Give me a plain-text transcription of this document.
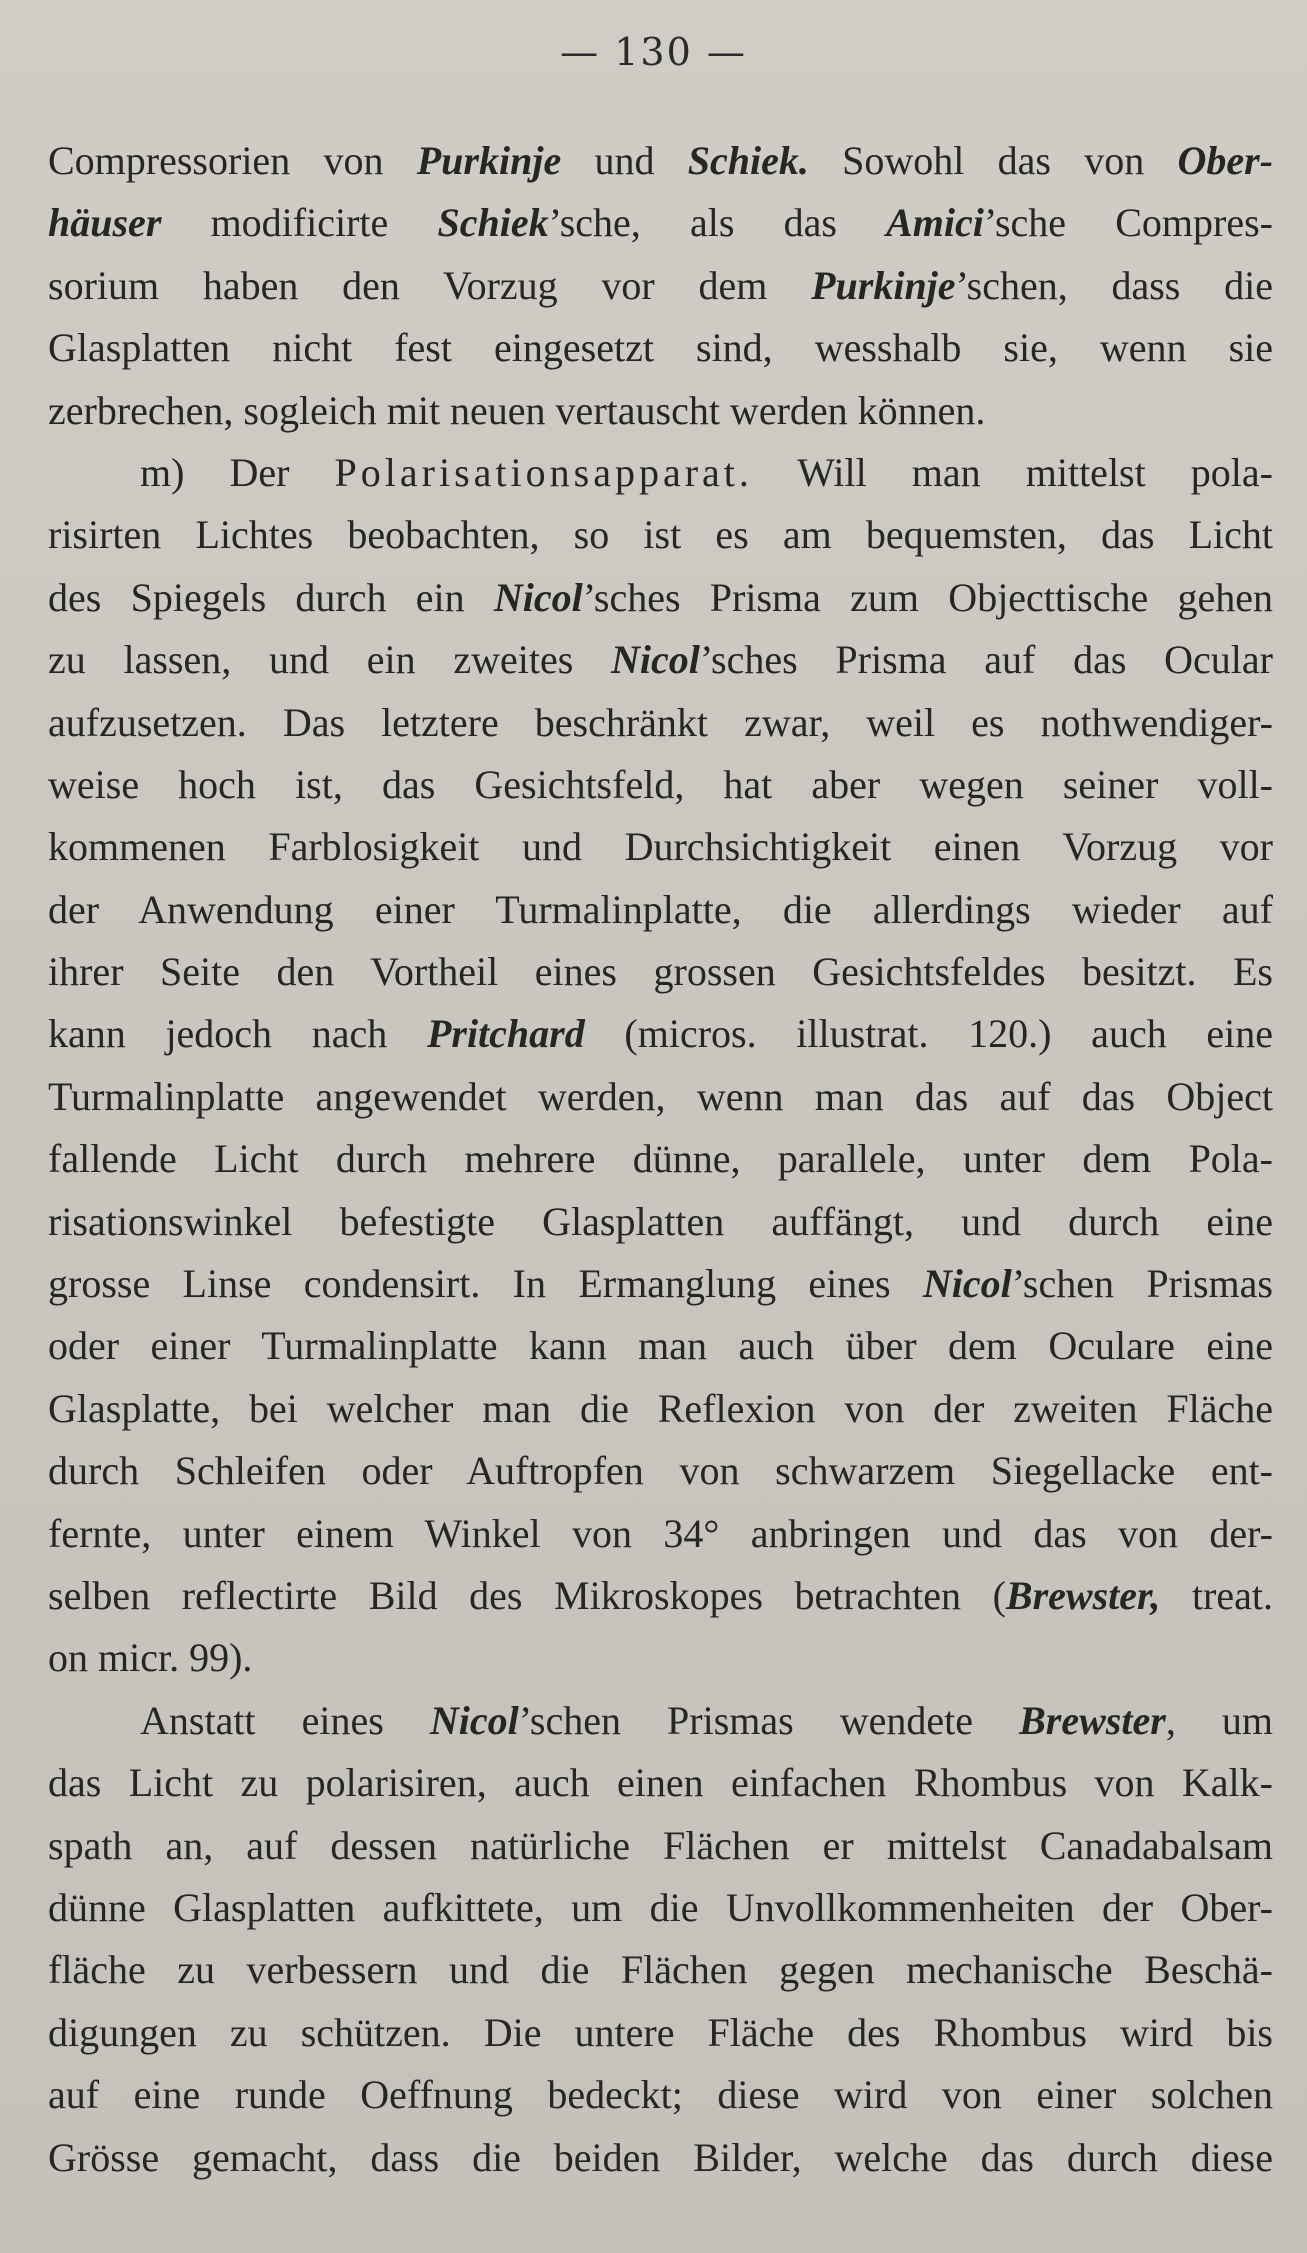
— 130 —
Compressorien von Purkinje und Schiek. Sowohl das von Ober-
häuser modificirte Schiek’sche, als das Amici’sche Compres-
sorium haben den Vorzug vor dem Purkinje’schen, dass die
Glasplatten nicht fest eingesetzt sind, wesshalb sie, wenn sie
zerbrechen, sogleich mit neuen vertauscht werden können.
m) Der Polarisationsapparat. Will man mittelst pola-
risirten Lichtes beobachten, so ist es am bequemsten, das Licht
des Spiegels durch ein Nicol’sches Prisma zum Objecttische gehen
zu lassen, und ein zweites Nicol’sches Prisma auf das Ocular
aufzusetzen. Das letztere beschränkt zwar, weil es nothwendiger-
weise hoch ist, das Gesichtsfeld, hat aber wegen seiner voll-
kommenen Farblosigkeit und Durchsichtigkeit einen Vorzug vor
der Anwendung einer Turmalinplatte, die allerdings wieder auf
ihrer Seite den Vortheil eines grossen Gesichtsfeldes besitzt. Es
kann jedoch nach Pritchard (micros. illustrat. 120.) auch eine
Turmalinplatte angewendet werden, wenn man das auf das Object
fallende Licht durch mehrere dünne, parallele, unter dem Pola-
risationswinkel befestigte Glasplatten auffängt, und durch eine
grosse Linse condensirt. In Ermanglung eines Nicol’schen Prismas
oder einer Turmalinplatte kann man auch über dem Oculare eine
Glasplatte, bei welcher man die Reflexion von der zweiten Fläche
durch Schleifen oder Auftropfen von schwarzem Siegellacke ent-
fernte, unter einem Winkel von 34° anbringen und das von der-
selben reflectirte Bild des Mikroskopes betrachten (Brewster, treat.
on micr. 99).
Anstatt eines Nicol’schen Prismas wendete Brewster, um
das Licht zu polarisiren, auch einen einfachen Rhombus von Kalk-
spath an, auf dessen natürliche Flächen er mittelst Canadabalsam
dünne Glasplatten aufkittete, um die Unvollkommenheiten der Ober-
fläche zu verbessern und die Flächen gegen mechanische Beschä-
digungen zu schützen. Die untere Fläche des Rhombus wird bis
auf eine runde Oeffnung bedeckt; diese wird von einer solchen
Grösse gemacht, dass die beiden Bilder, welche das durch diese
